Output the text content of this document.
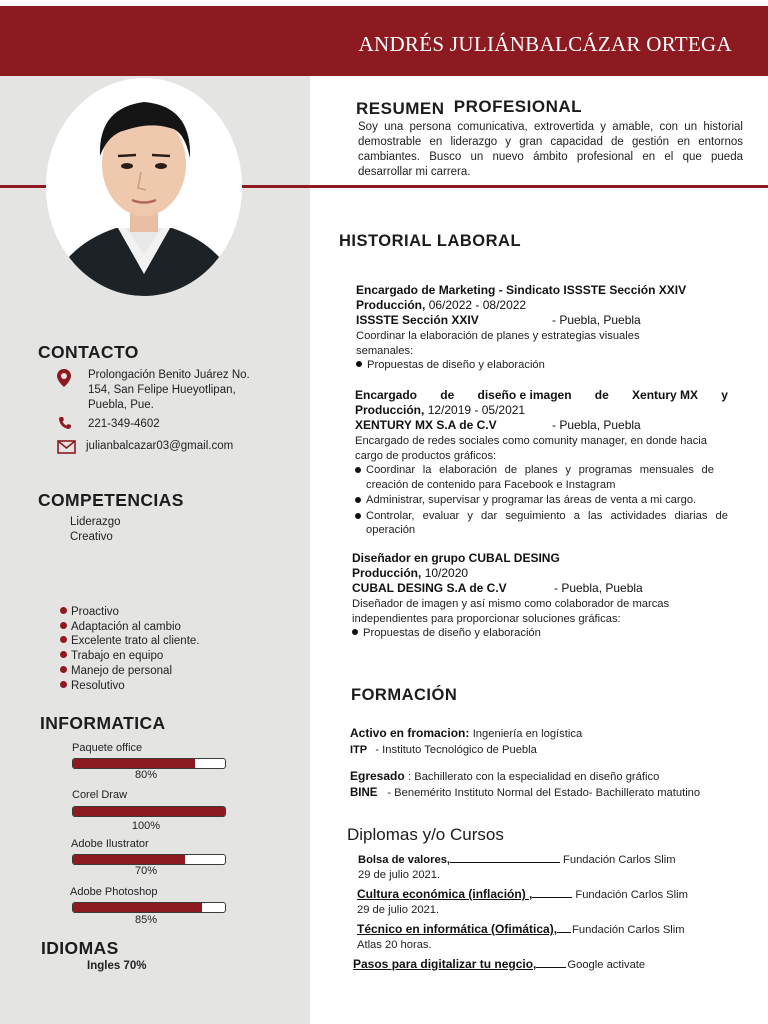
ANDRÉS JULIÁNBALCÁZAR ORTEGA
CONTACTO
Prolongación Benito Juárez No.
154, San Felipe Hueyotlipan,
Puebla, Pue.
221-349-4602
julianbalcazar03@gmail.com
COMPETENCIAS
Liderazgo
Creativo
Proactivo
Adaptación al cambio
Excelente trato al cliente.
Trabajo en equipo
Manejo de personal
Resolutivo
INFORMATICA
Paquete office
80%
Corel Draw
100%
Adobe Ilustrator
70%
Adobe Photoshop
85%
IDIOMAS
Ingles 70%
RESUMEN PROFESIONAL
Soy una persona comunicativa, extrovertida y amable, con un historial demostrable en liderazgo y gran capacidad de gestión en entornos cambiantes. Busco un nuevo ámbito profesional en el que pueda desarrollar mi carrera.
HISTORIAL LABORAL
Encargado de Marketing - Sindicato ISSSTE Sección XXIV
Producción, 06/2022 - 08/2022
ISSSTE Sección XXIV	- Puebla, Puebla
Coordinar la elaboración de planes y estrategias visuales semanales:
Propuestas de diseño y elaboración
Encargado de diseño e imagen de Xentury MX y
Producción, 12/2019 - 05/2021
XENTURY MX S.A de C.V	- Puebla, Puebla
Encargado de redes sociales como comunity manager, en donde hacia cargo de productos gráficos:
Coordinar la elaboración de planes y programas mensuales de creación de contenido para Facebook e Instagram
Administrar, supervisar y programar las áreas de venta a mi cargo.
Controlar, evaluar y dar seguimiento a las actividades diarias de operación
Diseñador en grupo CUBAL DESING
Producción, 10/2020
CUBAL DESING S.A de C.V	- Puebla, Puebla
Diseñador de imagen y así mismo como colaborador de marcas independientes para proporcionar soluciones gráficas:
Propuestas de diseño y elaboración
FORMACIÓN
Activo en fromacion: Ingeniería en logística
ITP - Instituto Tecnológico de Puebla
Egresado : Bachillerato con la especialidad en diseño gráfico
BINE - Benemérito Instituto Normal del Estado- Bachillerato matutino
Diplomas y/o Cursos
Bolsa de valores,	Fundación Carlos Slim
29 de julio 2021.
Cultura económica (inflación) ,	Fundación Carlos Slim
29 de julio 2021.
Técnico en informática (Ofimática), Fundación Carlos Slim
Atlas 20 horas.
Pasos para digitalizar tu negcio,	Google activate
